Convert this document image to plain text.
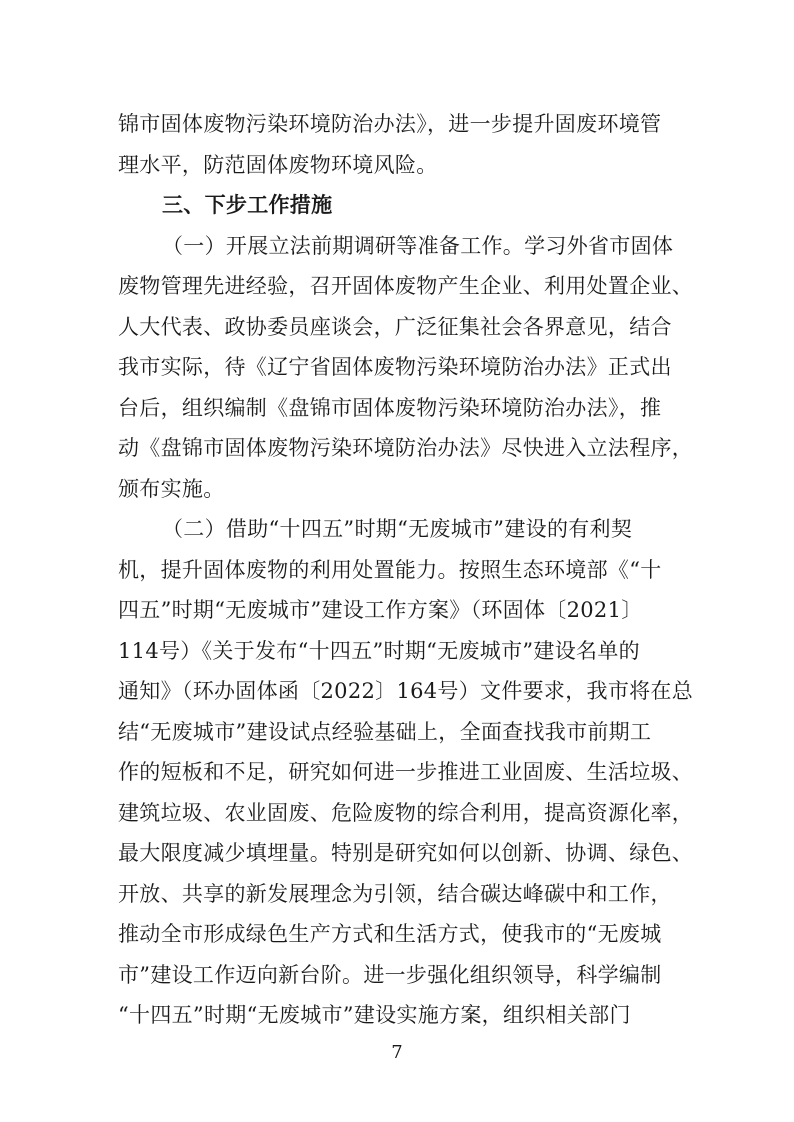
锦市固体废物污染环境防治办法》，进一步提升固废环境管
理水平，防范固体废物环境风险。
三、下步工作措施
（一）开展立法前期调研等准备工作。学习外省市固体
废物管理先进经验，召开固体废物产生企业、利用处置企业、
人大代表、政协委员座谈会，广泛征集社会各界意见，结合
我市实际，待《辽宁省固体废物污染环境防治办法》正式出
台后，组织编制《盘锦市固体废物污染环境防治办法》，推
动《盘锦市固体废物污染环境防治办法》尽快进入立法程序，
颁布实施。
（二）借助“十四五”时期“无废城市”建设的有利契
机，提升固体废物的利用处置能力。按照生态环境部《“十
四五”时期“无废城市”建设工作方案》（环固体〔2021〕
114号）《关于发布“十四五”时期“无废城市”建设名单的
通知》（环办固体函〔2022〕164号）文件要求，我市将在总
结“无废城市”建设试点经验基础上，全面查找我市前期工
作的短板和不足，研究如何进一步推进工业固废、生活垃圾、
建筑垃圾、农业固废、危险废物的综合利用，提高资源化率，
最大限度减少填埋量。特别是研究如何以创新、协调、绿色、
开放、共享的新发展理念为引领，结合碳达峰碳中和工作，
推动全市形成绿色生产方式和生活方式，使我市的“无废城
市”建设工作迈向新台阶。进一步强化组织领导，科学编制
“十四五”时期“无废城市”建设实施方案，组织相关部门
7
